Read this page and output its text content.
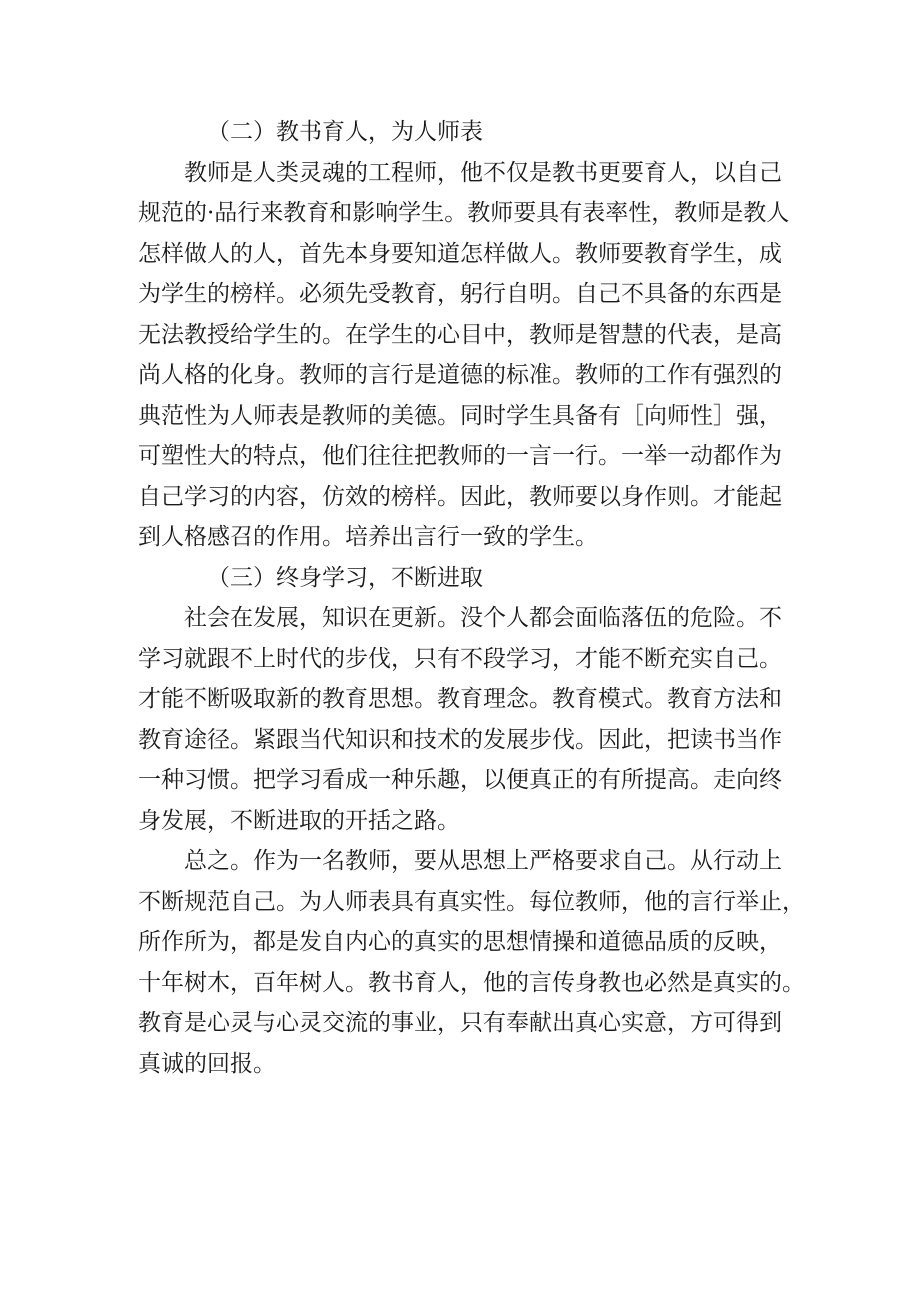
（二）教书育人，为人师表

教师是人类灵魂的工程师，他不仅是教书更要育人，以自己

规范的·品行来教育和影响学生。教师要具有表率性，教师是教人

怎样做人的人，首先本身要知道怎样做人。教师要教育学生，成

为学生的榜样。必须先受教育，躬行自明。自己不具备的东西是

无法教授给学生的。在学生的心目中，教师是智慧的代表，是高

尚人格的化身。教师的言行是道德的标准。教师的工作有强烈的

典范性为人师表是教师的美德。同时学生具备有［向师性］强，

可塑性大的特点，他们往往把教师的一言一行。一举一动都作为

自己学习的内容，仿效的榜样。因此，教师要以身作则。才能起

到人格感召的作用。培养出言行一致的学生。

（三）终身学习，不断进取

社会在发展，知识在更新。没个人都会面临落伍的危险。不

学习就跟不上时代的步伐，只有不段学习，才能不断充实自己。

才能不断吸取新的教育思想。教育理念。教育模式。教育方法和

教育途径。紧跟当代知识和技术的发展步伐。因此，把读书当作

一种习惯。把学习看成一种乐趣，以便真正的有所提高。走向终

身发展，不断进取的开括之路。

总之。作为一名教师，要从思想上严格要求自己。从行动上

不断规范自己。为人师表具有真实性。每位教师，他的言行举止，

所作所为，都是发自内心的真实的思想情操和道德品质的反映，

十年树木，百年树人。教书育人，他的言传身教也必然是真实的。

教育是心灵与心灵交流的事业，只有奉献出真心实意，方可得到

真诚的回报。
